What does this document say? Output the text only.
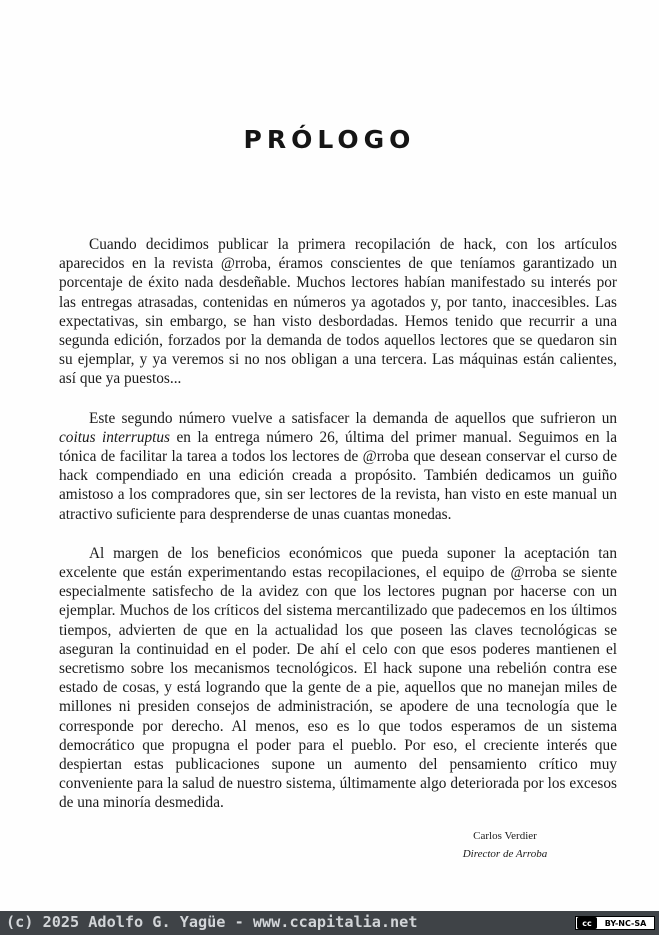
PRÓLOGO

Cuando decidimos publicar la primera recopilación de hack, con los artículos aparecidos en la revista @rroba, éramos conscientes de que teníamos garantizado un porcentaje de éxito nada desdeñable. Muchos lectores habían manifestado su interés por las entregas atrasadas, contenidas en números ya agotados y, por tanto, inaccesibles. Las expectativas, sin embargo, se han visto desbordadas. Hemos tenido que recurrir a una segunda edición, forzados por la demanda de todos aquellos lectores que se quedaron sin su ejemplar, y ya veremos si no nos obligan a una tercera. Las máquinas están calientes, así que ya puestos...

Este segundo número vuelve a satisfacer la demanda de aquellos que sufrieron un coitus interruptus en la entrega número 26, última del primer manual. Seguimos en la tónica de facilitar la tarea a todos los lectores de @rroba que desean conservar el curso de hack compendiado en una edición creada a propósito. También dedicamos un guiño amistoso a los compradores que, sin ser lectores de la revista, han visto en este manual un atractivo suficiente para desprenderse de unas cuantas monedas.

Al margen de los beneficios económicos que pueda suponer la aceptación tan excelente que están experimentando estas recopilaciones, el equipo de @rroba se siente especialmente satisfecho de la avidez con que los lectores pugnan por hacerse con un ejemplar. Muchos de los críticos del sistema mercantilizado que padecemos en los últimos tiempos, advierten de que en la actualidad los que poseen las claves tecnológicas se aseguran la continuidad en el poder. De ahí el celo con que esos poderes mantienen el secretismo sobre los mecanismos tecnológicos. El hack supone una rebelión contra ese estado de cosas, y está logrando que la gente de a pie, aquellos que no manejan miles de millones ni presiden consejos de administración, se apodere de una tecnología que le corresponde por derecho. Al menos, eso es lo que todos esperamos de un sistema democrático que propugna el poder para el pueblo. Por eso, el creciente interés que despiertan estas publicaciones supone un aumento del pensamiento crítico muy conveniente para la salud de nuestro sistema, últimamente algo deteriorada por los excesos de una minoría desmedida.

Carlos Verdier
Director de Arroba
(c) 2025 Adolfo G. Yagüe - www.ccapitalia.net	cc	BY-NC-SA
